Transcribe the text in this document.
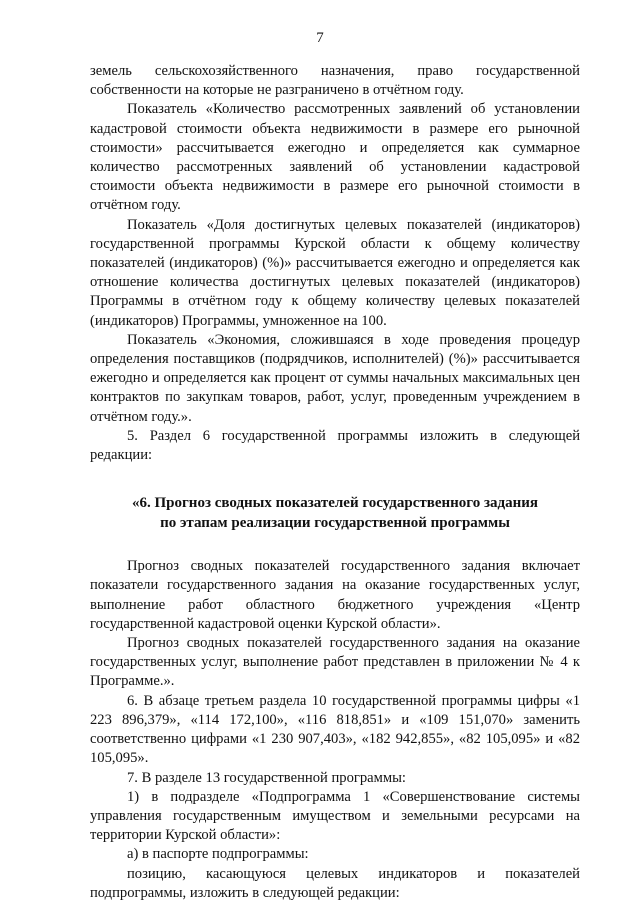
7

земель сельскохозяйственного назначения, право государственной собственности на которые не разграничено в отчётном году.

Показатель «Количество рассмотренных заявлений об установлении кадастровой стоимости объекта недвижимости в размере его рыночной стоимости» рассчитывается ежегодно и определяется как суммарное количество рассмотренных заявлений об установлении кадастровой стоимости объекта недвижимости в размере его рыночной стоимости в отчётном году.

Показатель «Доля достигнутых целевых показателей (индикаторов) государственной программы Курской области к общему количеству показателей (индикаторов) (%)» рассчитывается ежегодно и определяется как отношение количества достигнутых целевых показателей (индикаторов) Программы в отчётном году к общему количеству целевых показателей (индикаторов) Программы, умноженное на 100.

Показатель «Экономия, сложившаяся в ходе проведения процедур определения поставщиков (подрядчиков, исполнителей) (%)» рассчитывается ежегодно и определяется как процент от суммы начальных максимальных цен контрактов по закупкам товаров, работ, услуг, проведенным учреждением в отчётном году.».

5. Раздел 6 государственной программы изложить в следующей редакции:

«6. Прогноз сводных показателей государственного задания
по этапам реализации государственной программы

Прогноз сводных показателей государственного задания включает показатели государственного задания на оказание государственных услуг, выполнение работ областного бюджетного учреждения «Центр государственной кадастровой оценки Курской области».

Прогноз сводных показателей государственного задания на оказание государственных услуг, выполнение работ представлен в приложении № 4 к Программе.».

6. В абзаце третьем раздела 10 государственной программы цифры «1 223 896,379», «114 172,100», «116 818,851» и «109 151,070» заменить соответственно цифрами «1 230 907,403», «182 942,855», «82 105,095» и «82 105,095».

7. В разделе 13 государственной программы:

1) в подразделе «Подпрограмма 1 «Совершенствование системы управления государственным имуществом и земельными ресурсами на территории Курской области»:

а) в паспорте подпрограммы:

позицию, касающуюся целевых индикаторов и показателей подпрограммы, изложить в следующей редакции:
